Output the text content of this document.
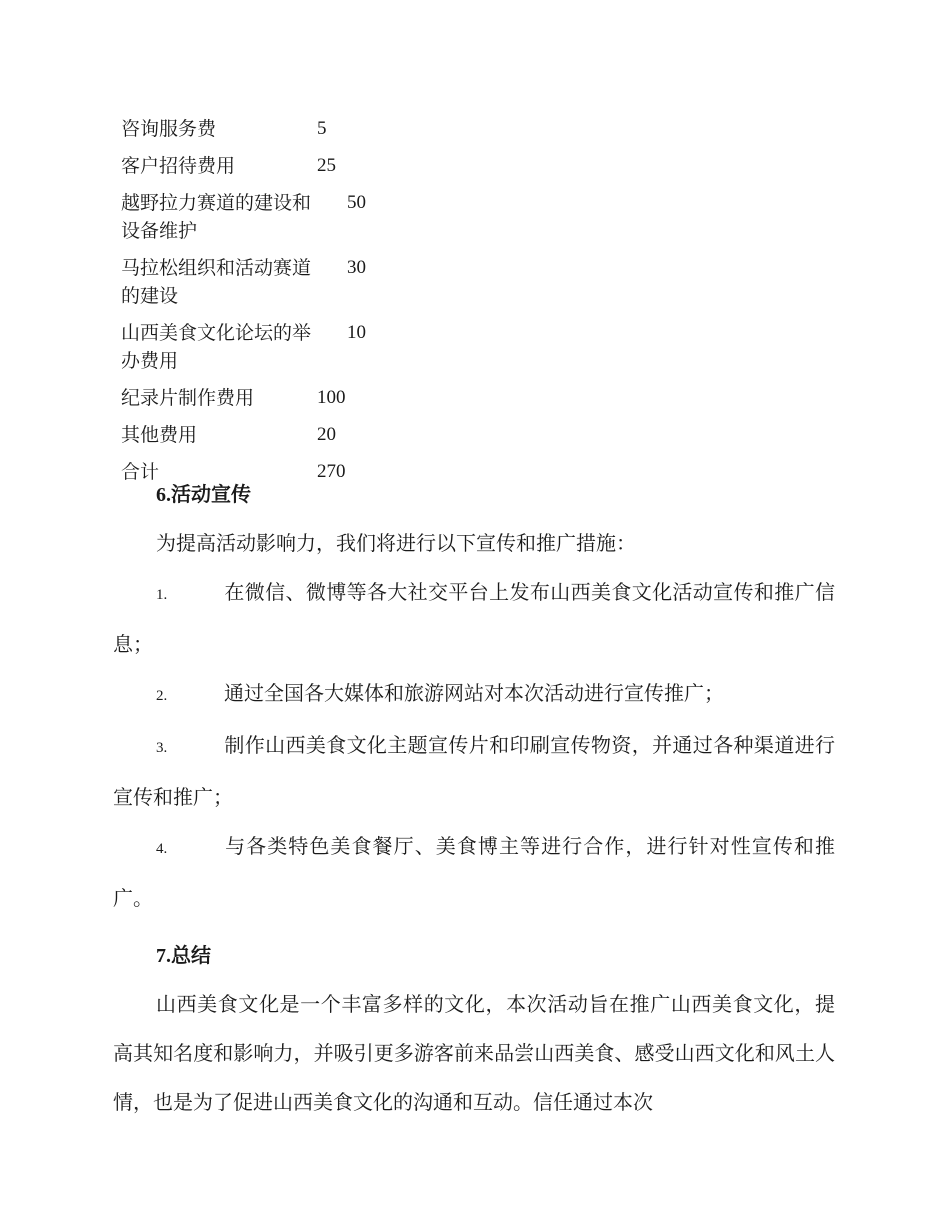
咨询服务费	5
客户招待费用	25
越野拉力赛道的建设和设备维护	50
马拉松组织和活动赛道的建设	30
山西美食文化论坛的举办费用	10
纪录片制作费用	100
其他费用	20
合计	270
6.活动宣传

为提高活动影响力，我们将进行以下宣传和推广措施：

1.	在微信、微博等各大社交平台上发布山西美食文化活动宣传和推广信息；

2.	通过全国各大媒体和旅游网站对本次活动进行宣传推广；

3.	制作山西美食文化主题宣传片和印刷宣传物资，并通过各种渠道进行宣传和推广；

4.	与各类特色美食餐厅、美食博主等进行合作，进行针对性宣传和推广。

7.总结

山西美食文化是一个丰富多样的文化，本次活动旨在推广山西美食文化，提高其知名度和影响力，并吸引更多游客前来品尝山西美食、感受山西文化和风土人情，也是为了促进山西美食文化的沟通和互动。信任通过本次
